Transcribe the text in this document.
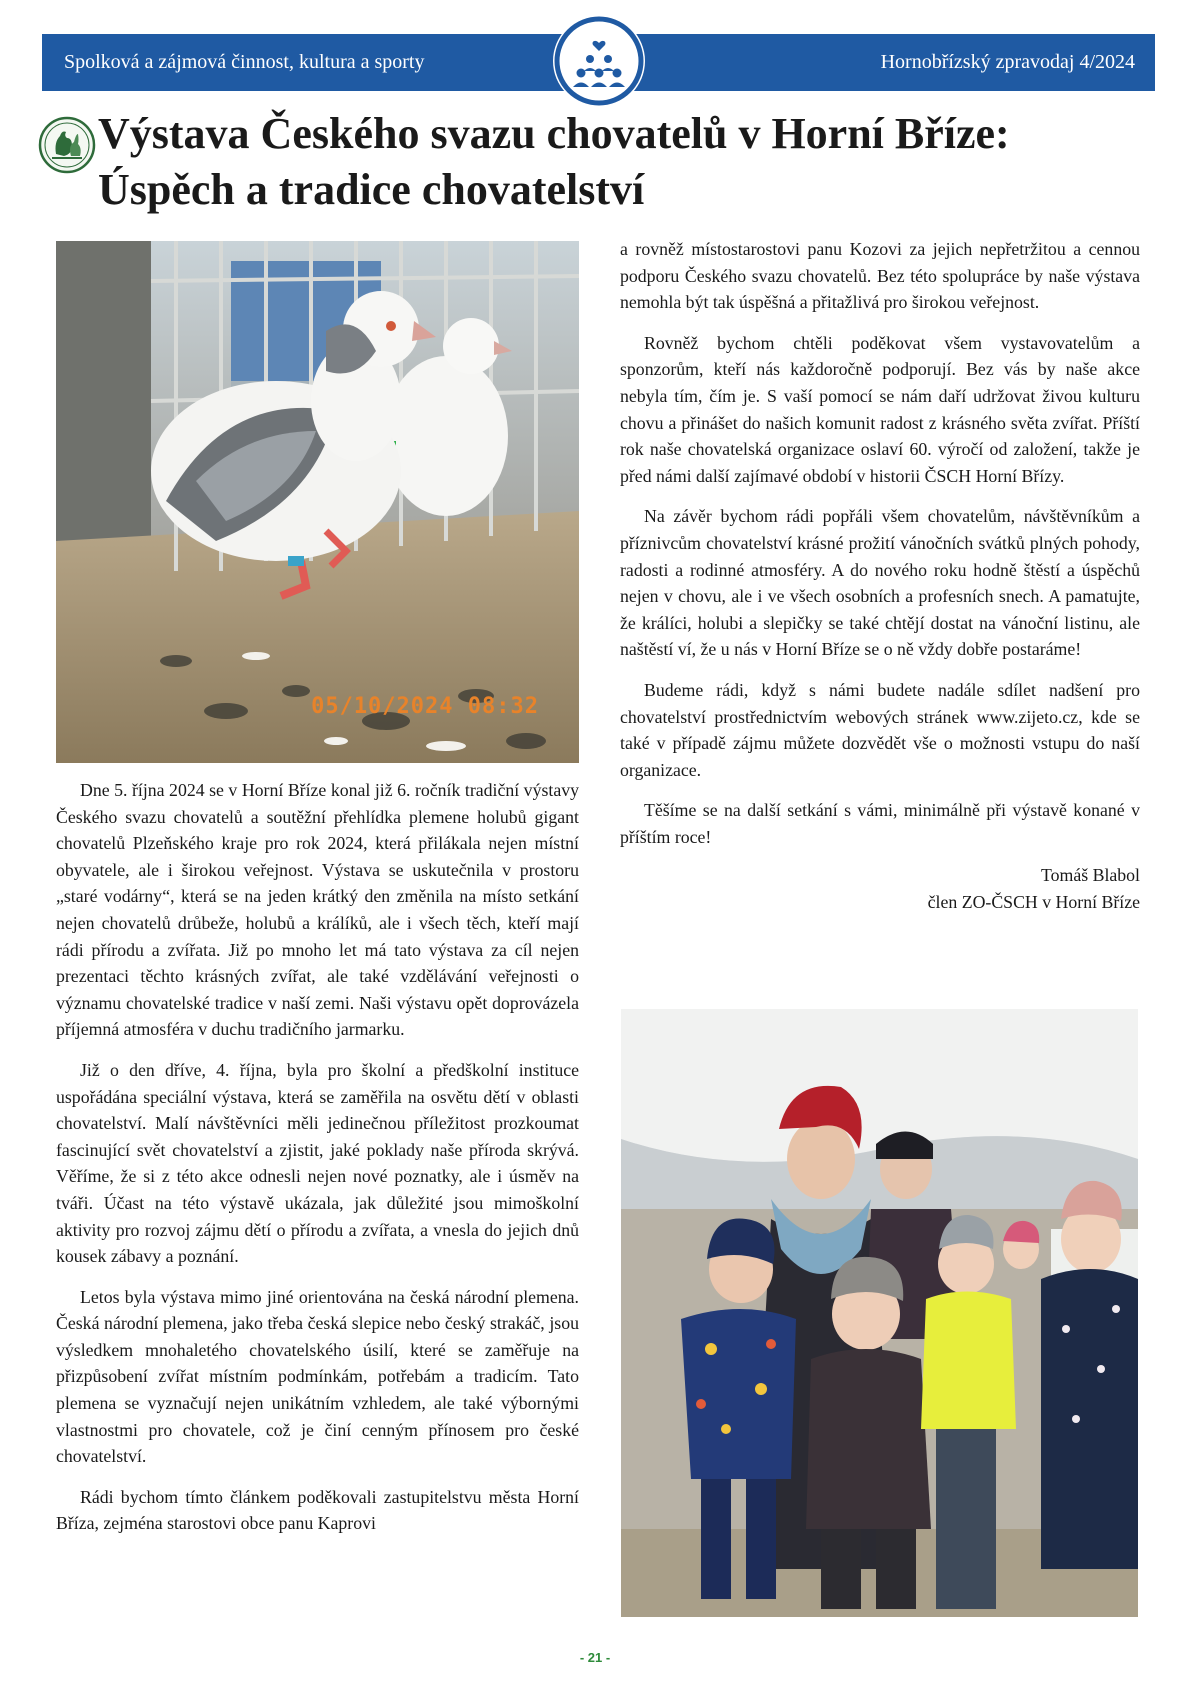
Spolková a zájmová činnost, kultura a sporty	Hornobřízský zpravodaj 4/2024
Výstava Českého svazu chovatelů v Horní Bříze:
Úspěch a tradice chovatelství
05/10/2024 08:32

Dne 5. října 2024 se v Horní Bříze konal již 6. ročník tradiční výstavy Českého svazu chovatelů a soutěžní přehlídka plemene holubů gigant chovatelů Plzeňského kraje pro rok 2024, která přilákala nejen místní obyvatele, ale i širokou veřejnost. Výstava se uskutečnila v prostoru „staré vodárny“, která se na jeden krátký den změnila na místo setkání nejen chovatelů drůbeže, holubů a králíků, ale i všech těch, kteří mají rádi přírodu a zvířata. Již po mnoho let má tato výstava za cíl nejen prezentaci těchto krásných zvířat, ale také vzdělávání veřejnosti o významu chovatelské tradice v naší zemi. Naši výstavu opět doprovázela příjemná atmosféra v duchu tradičního jarmarku.

Již o den dříve, 4. října, byla pro školní a předškolní instituce uspořádána speciální výstava, která se zaměřila na osvětu dětí v oblasti chovatelství. Malí návštěvníci měli jedinečnou příležitost prozkoumat fascinující svět chovatelství a zjistit, jaké poklady naše příroda skrývá. Věříme, že si z této akce odnesli nejen nové poznatky, ale i úsměv na tváři. Účast na této výstavě ukázala, jak důležité jsou mimoškolní aktivity pro rozvoj zájmu dětí o přírodu a zvířata, a vnesla do jejich dnů kousek zábavy a poznání.

Letos byla výstava mimo jiné orientována na česká národní plemena. Česká národní plemena, jako třeba česká slepice nebo český strakáč, jsou výsledkem mnohaletého chovatelského úsilí, které se zaměřuje na přizpůsobení zvířat místním podmínkám, potřebám a tradicím. Tato plemena se vyznačují nejen unikátním vzhledem, ale také výbornými vlastnostmi pro chovatele, což je činí cenným přínosem pro české chovatelství.

Rádi bychom tímto článkem poděkovali zastupitelstvu města Horní Bříza, zejména starostovi obce panu Kaprovi

a rovněž místostarostovi panu Kozovi za jejich nepřetržitou a cennou podporu Českého svazu chovatelů. Bez této spolupráce by naše výstava nemohla být tak úspěšná a přitažlivá pro širokou veřejnost.

Rovněž bychom chtěli poděkovat všem vystavovatelům a sponzorům, kteří nás každoročně podporují. Bez vás by naše akce nebyla tím, čím je. S vaší pomocí se nám daří udržovat živou kulturu chovu a přinášet do našich komunit radost z krásného světa zvířat. Příští rok naše chovatelská organizace oslaví 60. výročí od založení, takže je před námi další zajímavé období v historii ČSCH Horní Břízy.

Na závěr bychom rádi popřáli všem chovatelům, návštěvníkům a příznivcům chovatelství krásné prožití vánočních svátků plných pohody, radosti a rodinné atmosféry. A do nového roku hodně štěstí a úspěchů nejen v chovu, ale i ve všech osobních a profesních snech. A pamatujte, že králíci, holubi a slepičky se také chtějí dostat na vánoční listinu, ale naštěstí ví, že u nás v Horní Bříze se o ně vždy dobře postaráme!

Budeme rádi, když s námi budete nadále sdílet nadšení pro chovatelství prostřednictvím webových stránek www.zijeto.cz, kde se také v případě zájmu můžete dozvědět vše o možnosti vstupu do naší organizace.

Těšíme se na další setkání s vámi, minimálně při výstavě konané v příštím roce!

Tomáš Blabol
člen ZO-ČSCH v Horní Bříze
- 21 -
